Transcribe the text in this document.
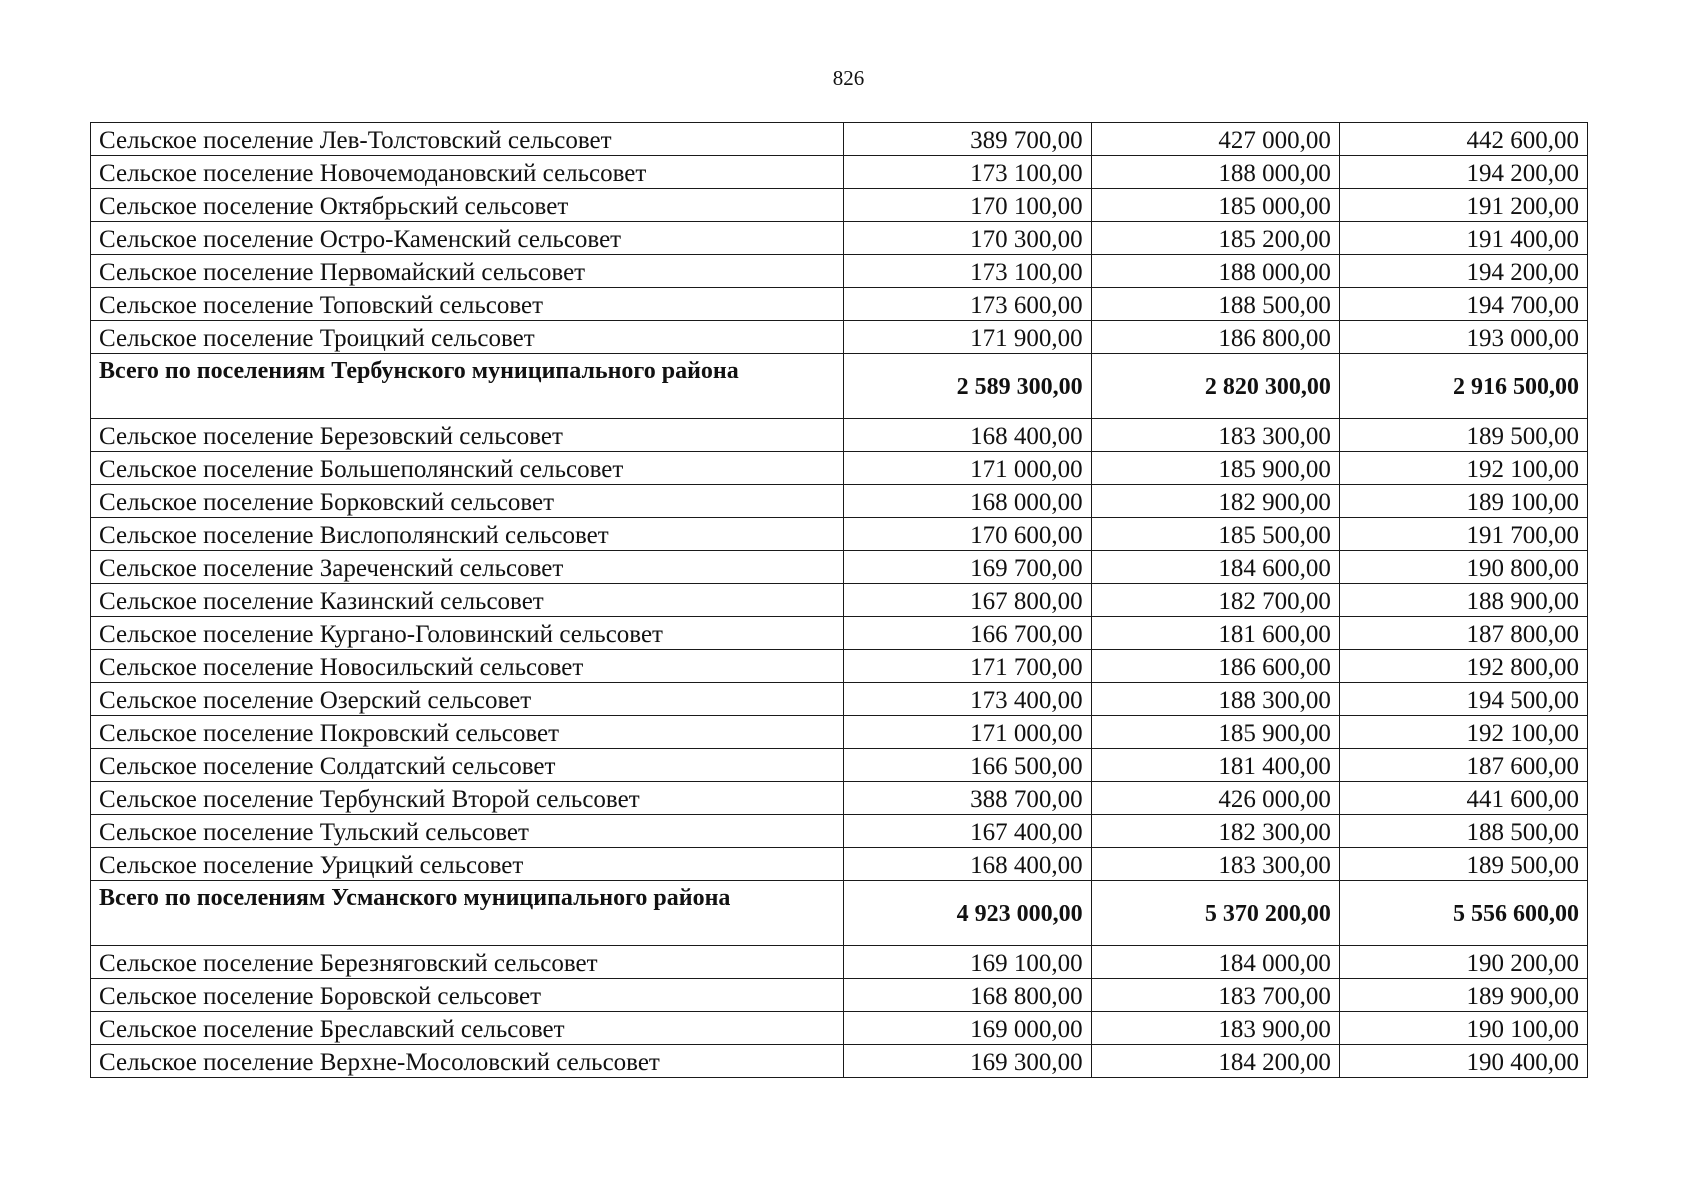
826
Сельское поселение Лев-Толстовский сельсовет	389 700,00	427 000,00	442 600,00
Сельское поселение Новочемодановский сельсовет	173 100,00	188 000,00	194 200,00
Сельское поселение Октябрьский сельсовет	170 100,00	185 000,00	191 200,00
Сельское поселение Остро-Каменский сельсовет	170 300,00	185 200,00	191 400,00
Сельское поселение Первомайский сельсовет	173 100,00	188 000,00	194 200,00
Сельское поселение Топовский сельсовет	173 600,00	188 500,00	194 700,00
Сельское поселение Троицкий сельсовет	171 900,00	186 800,00	193 000,00
Всего по поселениям Тербунского муниципального района	2 589 300,00	2 820 300,00	2 916 500,00
Сельское поселение Березовский сельсовет	168 400,00	183 300,00	189 500,00
Сельское поселение Большеполянский сельсовет	171 000,00	185 900,00	192 100,00
Сельское поселение Борковский сельсовет	168 000,00	182 900,00	189 100,00
Сельское поселение Вислополянский сельсовет	170 600,00	185 500,00	191 700,00
Сельское поселение Зареченский сельсовет	169 700,00	184 600,00	190 800,00
Сельское поселение Казинский сельсовет	167 800,00	182 700,00	188 900,00
Сельское поселение Кургано-Головинский сельсовет	166 700,00	181 600,00	187 800,00
Сельское поселение Новосильский сельсовет	171 700,00	186 600,00	192 800,00
Сельское поселение Озерский сельсовет	173 400,00	188 300,00	194 500,00
Сельское поселение Покровский сельсовет	171 000,00	185 900,00	192 100,00
Сельское поселение Солдатский сельсовет	166 500,00	181 400,00	187 600,00
Сельское поселение Тербунский Второй сельсовет	388 700,00	426 000,00	441 600,00
Сельское поселение Тульский сельсовет	167 400,00	182 300,00	188 500,00
Сельское поселение Урицкий сельсовет	168 400,00	183 300,00	189 500,00
Всего по поселениям Усманского муниципального района	4 923 000,00	5 370 200,00	5 556 600,00
Сельское поселение Березняговский сельсовет	169 100,00	184 000,00	190 200,00
Сельское поселение Боровской сельсовет	168 800,00	183 700,00	189 900,00
Сельское поселение Бреславский сельсовет	169 000,00	183 900,00	190 100,00
Сельское поселение Верхне-Мосоловский сельсовет	169 300,00	184 200,00	190 400,00
